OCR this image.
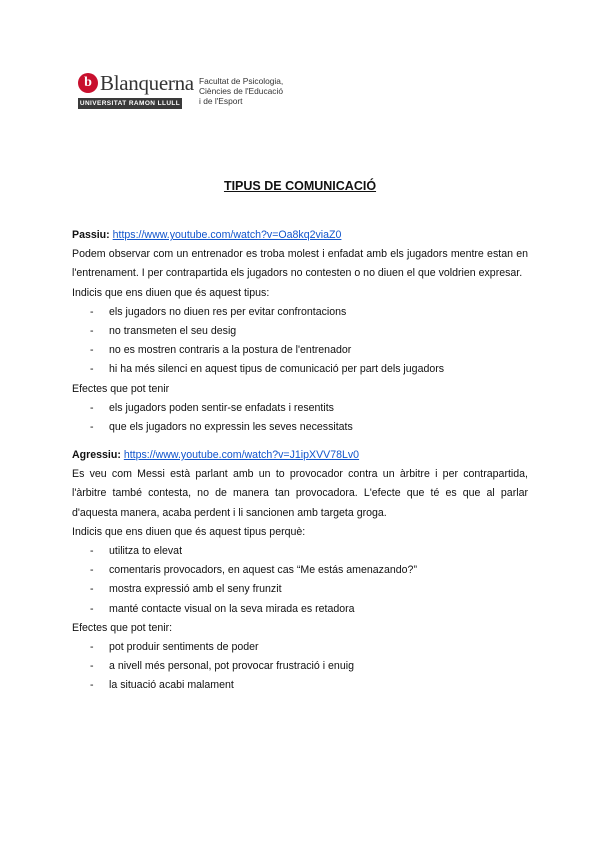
b Blanquerna
UNIVERSITAT RAMON LLULL
Facultat de Psicologia,
Ciències de l'Educació
i de l'Esport
TIPUS DE COMUNICACIÓ

Passiu: https://www.youtube.com/watch?v=Oa8kq2viaZ0

Podem observar com un entrenador es troba molest i enfadat amb els jugadors mentre estan en l'entrenament. I per contrapartida els jugadors no contesten o no diuen el que voldrien expresar.

Indicis que ens diuen que és aquest tipus:

- els jugadors no diuen res per evitar confrontacions
- no transmeten el seu desig
- no es mostren contraris a la postura de l'entrenador
- hi ha més silenci en aquest tipus de comunicació per part dels jugadors

Efectes que pot tenir

- els jugadors poden sentir-se enfadats i resentits
- que els jugadors no expressin les seves necessitats

Agressiu: https://www.youtube.com/watch?v=J1ipXVV78Lv0

Es veu com Messi està parlant amb un to provocador contra un àrbitre i per contrapartida, l'àrbitre també contesta, no de manera tan provocadora. L'efecte que té es que al parlar d'aquesta manera, acaba perdent i li sancionen amb targeta groga.

Indicis que ens diuen que és aquest tipus perquè:

- utilitza to elevat
- comentaris provocadors, en aquest cas “Me estás amenazando?”
- mostra expressió amb el seny frunzit
- manté contacte visual on la seva mirada es retadora

Efectes que pot tenir:

- pot produir sentiments de poder
- a nivell més personal, pot provocar frustració i enuig
- la situació acabi malament
